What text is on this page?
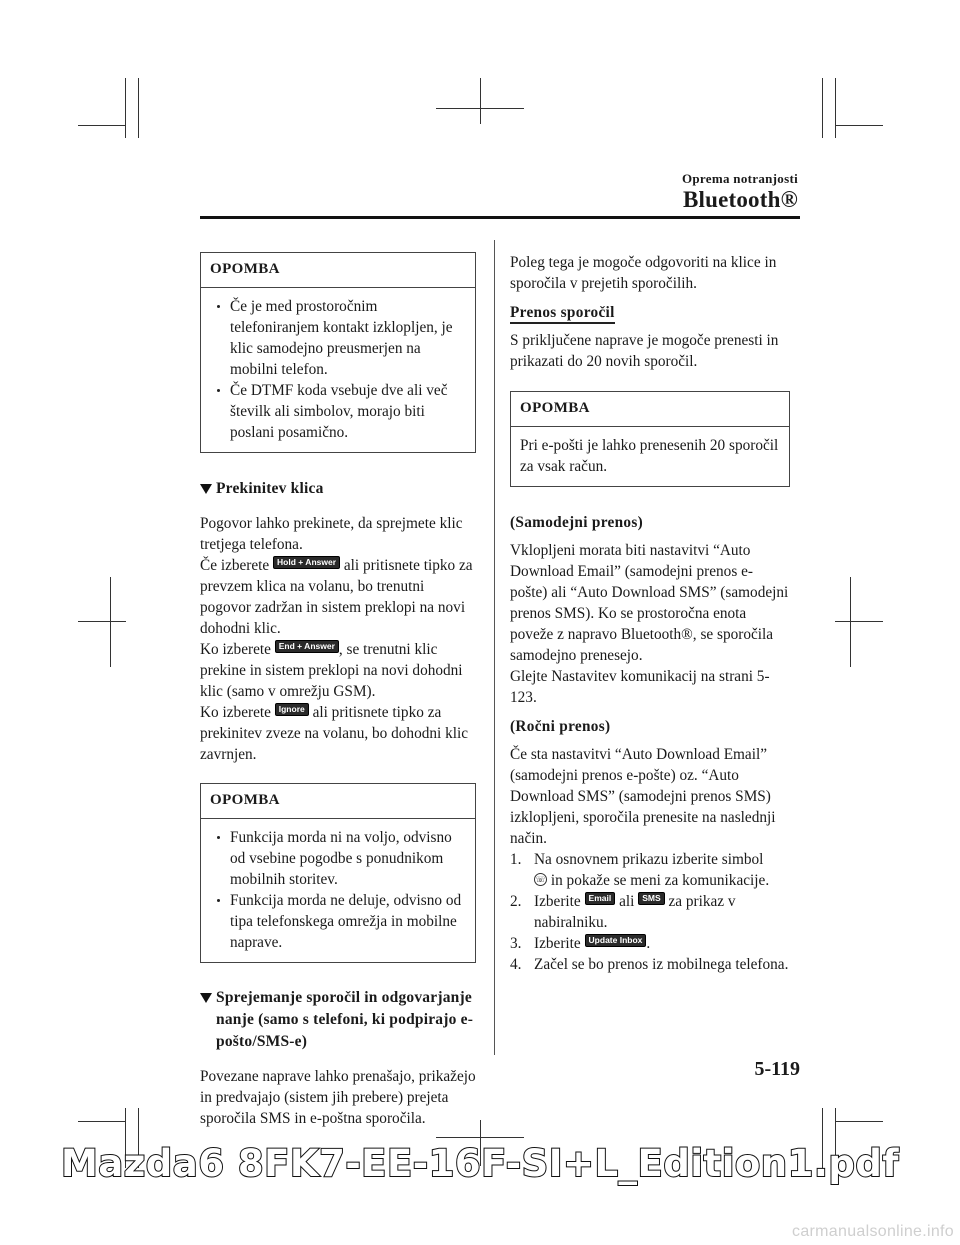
Oprema notranjosti
Bluetooth®
OPOMBA
Če je med prostoročnim telefoniranjem kontakt izklopljen, je klic samodejno preusmerjen na mobilni telefon.
Če DTMF koda vsebuje dve ali več številk ali simbolov, morajo biti poslani posamično.
Prekinitev klica

Pogovor lahko prekinete, da sprejmete klic tretjega telefona.

Če izberete Hold + Answer ali pritisnete tipko za prevzem klica na volanu, bo trenutni pogovor zadržan in sistem preklopi na novi dohodni klic.

Ko izberete End + Answer , se trenutni klic prekine in sistem preklopi na novi dohodni klic (samo v omrežju GSM).

Ko izberete Ignore ali pritisnete tipko za prekinitev zveze na volanu, bo dohodni klic zavrnjen.

OPOMBA
Funkcija morda ni na voljo, odvisno od vsebine pogodbe s ponudnikom mobilnih storitev.
Funkcija morda ne deluje, odvisno od tipa telefonskega omrežja in mobilne naprave.
Sprejemanje sporočil in odgovarjanje nanje (samo s telefoni, ki podpirajo e-pošto/SMS-e)

Povezane naprave lahko prenašajo, prikažejo in predvajajo (sistem jih prebere) prejeta sporočila SMS in e-poštna sporočila.

Poleg tega je mogoče odgovoriti na klice in sporočila v prejetih sporočilih.

Prenos sporočil

S priključene naprave je mogoče prenesti in prikazati do 20 novih sporočil.

OPOMBA
Pri e-pošti je lahko prenesenih 20 sporočil za vsak račun.

(Samodejni prenos)

Vklopljeni morata biti nastavitvi “Auto Download Email” (samodejni prenos e-pošte) ali “Auto Download SMS” (samodejni prenos SMS). Ko se prostoročna enota poveže z napravo Bluetooth®, se sporočila samodejno prenesejo.

Glejte Nastavitev komunikacij na strani 5-123.

(Ročni prenos)

Če sta nastavitvi “Auto Download Email” (samodejni prenos e-pošte) oz. “Auto Download SMS” (samodejni prenos SMS) izklopljeni, sporočila prenesite na naslednji način.

1. Na osnovnem prikazu izberite simbol
☏ in pokaže se meni za komunikacije.
2. Izberite Email ali SMS za prikaz v nabiralniku.
3. Izberite Update Inbox .
4. Začel se bo prenos iz mobilnega telefona.
5-119
Mazda6 8FK7-EE-16F-SI+L_Edition1.pdf
carmanualsonline.info
